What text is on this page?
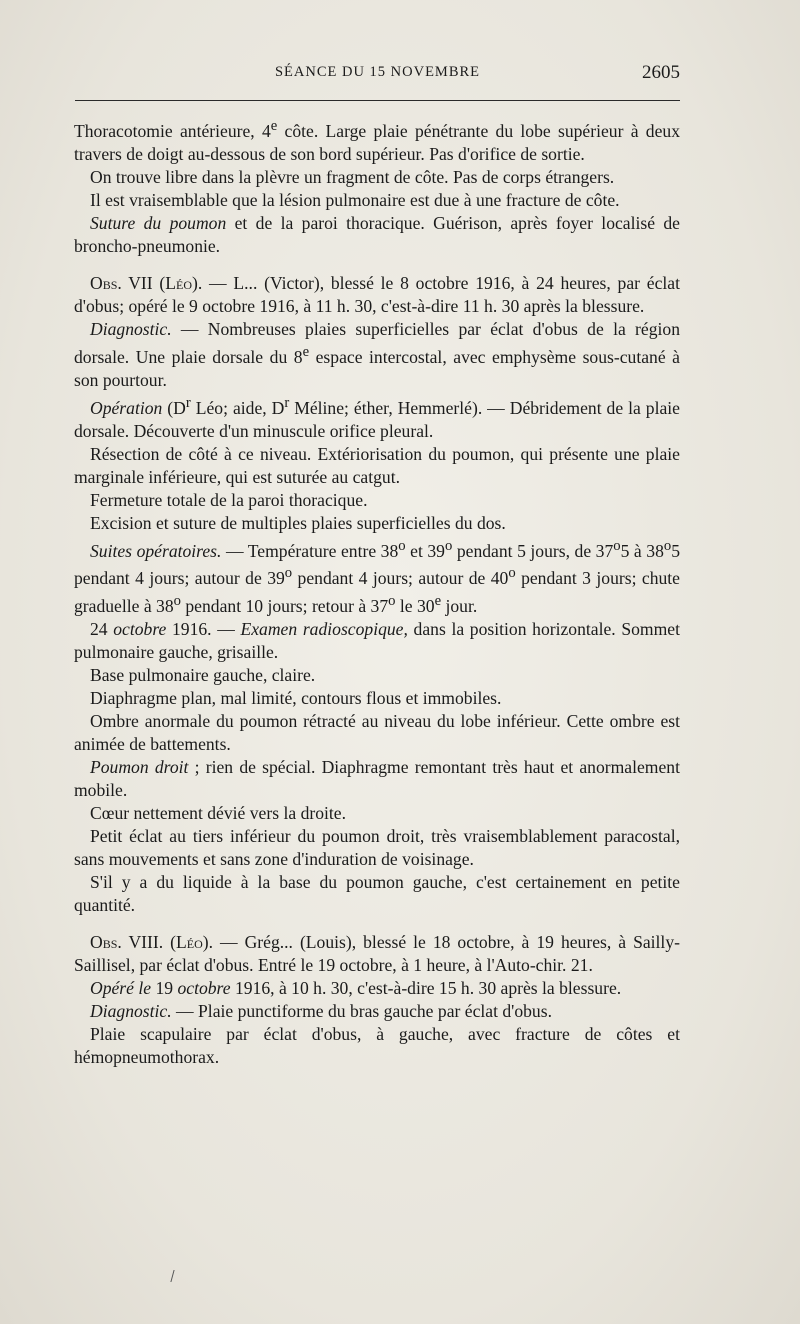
SÉANCE DU 15 NOVEMBRE	2605

Thoracotomie antérieure, 4e côte. Large plaie pénétrante du lobe supérieur à deux travers de doigt au-dessous de son bord supérieur. Pas d'orifice de sortie.

On trouve libre dans la plèvre un fragment de côte. Pas de corps étrangers.

Il est vraisemblable que la lésion pulmonaire est due à une fracture de côte.

Suture du poumon et de la paroi thoracique. Guérison, après foyer localisé de broncho-pneumonie.

Obs. VII (Léo). — L... (Victor), blessé le 8 octobre 1916, à 24 heures, par éclat d'obus; opéré le 9 octobre 1916, à 11 h. 30, c'est-à-dire 11 h. 30 après la blessure.

Diagnostic. — Nombreuses plaies superficielles par éclat d'obus de la région dorsale. Une plaie dorsale du 8e espace intercostal, avec emphysème sous-cutané à son pourtour.

Opération ($D^r$ Léo; aide, $D^r$ Méline; éther, Hemmerlé). — Débridement de la plaie dorsale. Découverte d'un minuscule orifice pleural.

Résection de côté à ce niveau. Extériorisation du poumon, qui présente une plaie marginale inférieure, qui est suturée au catgut.

Fermeture totale de la paroi thoracique.

Excision et suture de multiples plaies superficielles du dos.

Suites opératoires. — Température entre 38$^o$ et 39$^o$ pendant 5 jours, de 37$^o$5 à 38$^o$5 pendant 4 jours; autour de 39$^o$ pendant 4 jours; autour de 40$^o$ pendant 3 jours; chute graduelle à 38$^o$ pendant 10 jours; retour à 37$^o$ le 30e jour.

24 octobre 1916. — Examen radioscopique, dans la position horizontale. Sommet pulmonaire gauche, grisaille.

Base pulmonaire gauche, claire.

Diaphragme plan, mal limité, contours flous et immobiles.

Ombre anormale du poumon rétracté au niveau du lobe inférieur. Cette ombre est animée de battements.

Poumon droit ; rien de spécial. Diaphragme remontant très haut et anormalement mobile.

Cœur nettement dévié vers la droite.

Petit éclat au tiers inférieur du poumon droit, très vraisemblablement paracostal, sans mouvements et sans zone d'induration de voisinage.

S'il y a du liquide à la base du poumon gauche, c'est certainement en petite quantité.

Obs. VIII. (Léo). — Grég... (Louis), blessé le 18 octobre, à 19 heures, à Sailly-Saillisel, par éclat d'obus. Entré le 19 octobre, à 1 heure, à l'Auto-chir. 21.

Opéré le 19 octobre 1916, à 10 h. 30, c'est-à-dire 15 h. 30 après la blessure.

Diagnostic. — Plaie punctiforme du bras gauche par éclat d'obus.

Plaie scapulaire par éclat d'obus, à gauche, avec fracture de côtes et hémopneumothorax.
